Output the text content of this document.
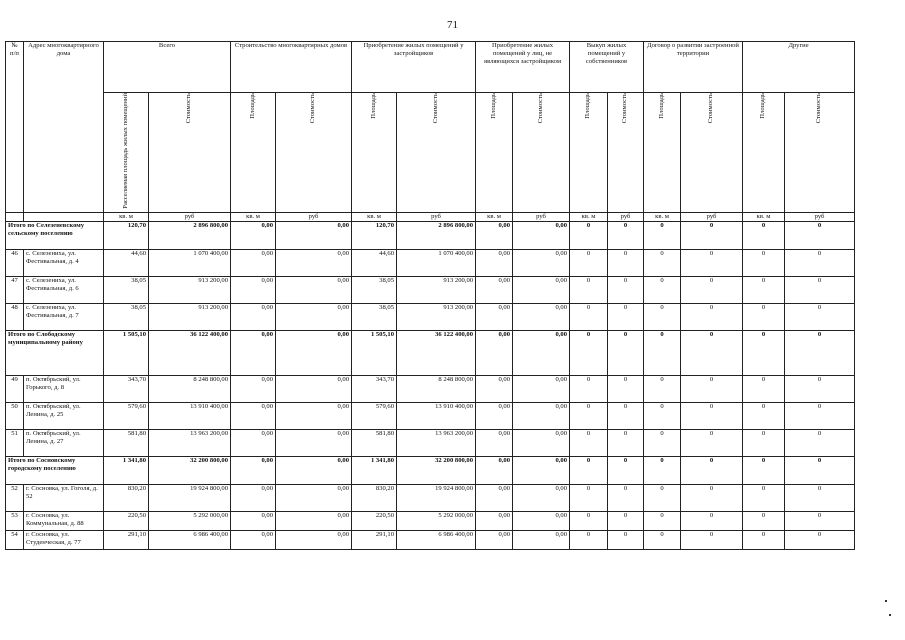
71
№ п/п	Адрес многоквартирного дома	Всего		Строительство многоквартирных домов		Приобретение жилых помещений у застройщиков		Приобретение жилых помещений у лиц, не являющихся застройщиком		Выкуп жилых помещений у собственников		Договор о развитии застроенной территории		Другие	
		Расселяемая площадь жилых помещений	Стоимость	Площадь	Стоимость	Площадь	Стоимость	Площадь	Стоимость	Площадь	Стоимость	Площадь	Стоимость	Площадь	Стоимость
		кв. м	руб	кв. м	руб	кв. м	руб	кв. м	руб	кв. м	руб	кв. м	руб	кв. м	руб
Итого по Селезеневскому сельскому поселению		120,70	2 896 800,00	0,00	0,00	120,70	2 896 800,00	0,00	0,00	0	0	0	0	0	0
46	с. Селезениха, ул. Фестивальная, д. 4	44,60	1 070 400,00	0,00	0,00	44,60	1 070 400,00	0,00	0,00	0	0	0	0	0	0
47	с. Селезениха, ул. Фестивальная, д. 6	38,05	913 200,00	0,00	0,00	38,05	913 200,00	0,00	0,00	0	0	0	0	0	0
48	с. Селезениха, ул. Фестивальная, д. 7	38,05	913 200,00	0,00	0,00	38,05	913 200,00	0,00	0,00	0	0	0	0	0	0
Итого по Слободскому муниципальному району		1 505,10	36 122 400,00	0,00	0,00	1 505,10	36 122 400,00	0,00	0,00	0	0	0	0	0	0
49	п. Октябрьский, ул. Горького, д. 8	343,70	8 248 800,00	0,00	0,00	343,70	8 248 800,00	0,00	0,00	0	0	0	0	0	0
50	п. Октябрьский, ул. Ленина, д. 25	579,60	13 910 400,00	0,00	0,00	579,60	13 910 400,00	0,00	0,00	0	0	0	0	0	0
51	п. Октябрьский, ул. Ленина, д. 27	581,80	13 963 200,00	0,00	0,00	581,80	13 963 200,00	0,00	0,00	0	0	0	0	0	0
Итого по Сосновскому городскому поселению		1 341,80	32 200 800,00	0,00	0,00	1 341,80	32 200 800,00	0,00	0,00	0	0	0	0	0	0
52	г. Сосновка, ул. Гоголя, д. 52	830,20	19 924 800,00	0,00	0,00	830,20	19 924 800,00	0,00	0,00	0	0	0	0	0	0
53	г. Сосновка, ул. Коммунальная, д. 88	220,50	5 292 000,00	0,00	0,00	220,50	5 292 000,00	0,00	0,00	0	0	0	0	0	0
54	г. Сосновка, ул. Студенческая, д. 77	291,10	6 986 400,00	0,00	0,00	291,10	6 986 400,00	0,00	0,00	0	0	0	0	0	0
